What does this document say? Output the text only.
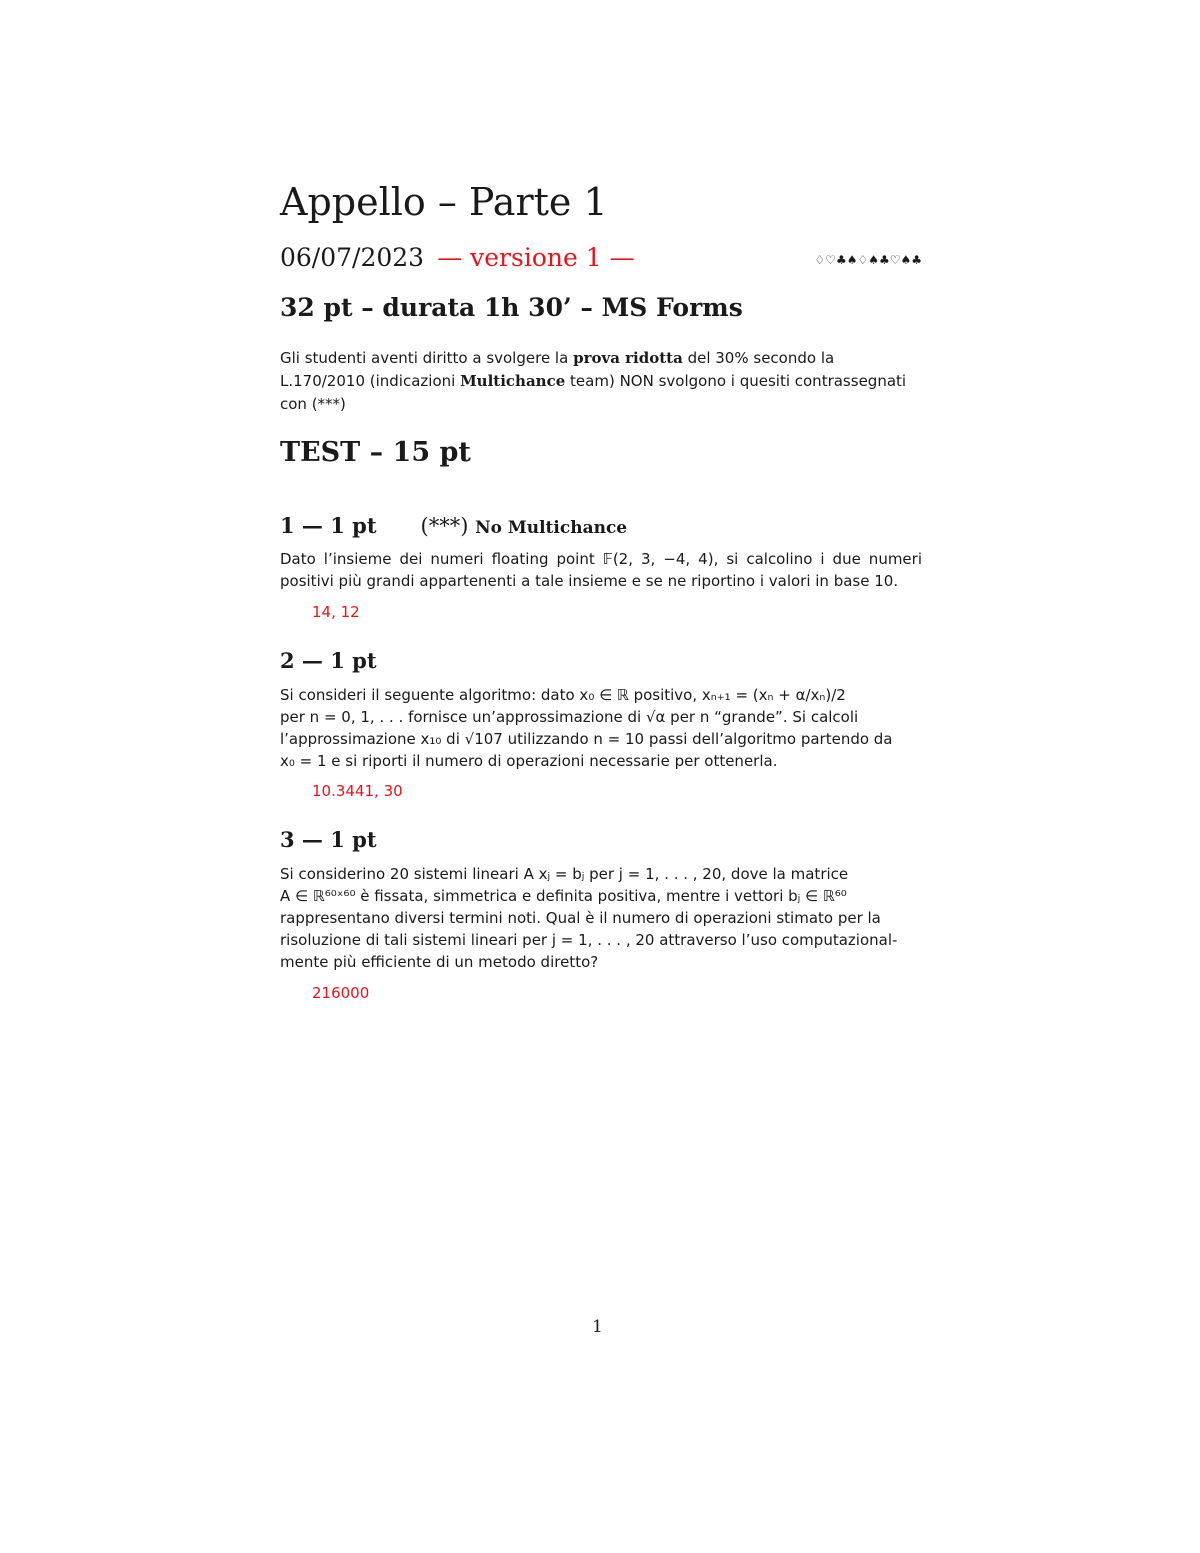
Appello – Parte 1
06/07/2023 — versione 1 —	♢♡♣♠♢♠♣♡♠♣
32 pt – durata 1h 30’ – MS Forms

Gli studenti aventi diritto a svolgere la prova ridotta del 30% secondo la L.170/2010 (indicazioni Multichance team) NON svolgono i quesiti contrassegnati con (***)

TEST – 15 pt
1 — 1 pt (***) No Multichance
Dato l’insieme dei numeri floating point 𝔽(2, 3, −4, 4), si calcolino i due numeri positivi più grandi appartenenti a tale insieme e se ne riportino i valori in base 10.
14, 12
2 — 1 pt
Si consideri il seguente algoritmo: dato x₀ ∈ ℝ positivo, xₙ₊₁ = (xₙ + α/xₙ)/2
per n = 0, 1, . . . fornisce un’approssimazione di √α per n “grande”. Si calcoli
l’approssimazione x₁₀ di √107 utilizzando n = 10 passi dell’algoritmo partendo da
x₀ = 1 e si riporti il numero di operazioni necessarie per ottenerla.
10.3441, 30
3 — 1 pt
Si considerino 20 sistemi lineari A xⱼ = bⱼ per j = 1, . . . , 20, dove la matrice
A ∈ ℝ⁶⁰ˣ⁶⁰ è fissata, simmetrica e definita positiva, mentre i vettori bⱼ ∈ ℝ⁶⁰
rappresentano diversi termini noti. Qual è il numero di operazioni stimato per la
risoluzione di tali sistemi lineari per j = 1, . . . , 20 attraverso l’uso computazional-
mente più efficiente di un metodo diretto?
216000
1
